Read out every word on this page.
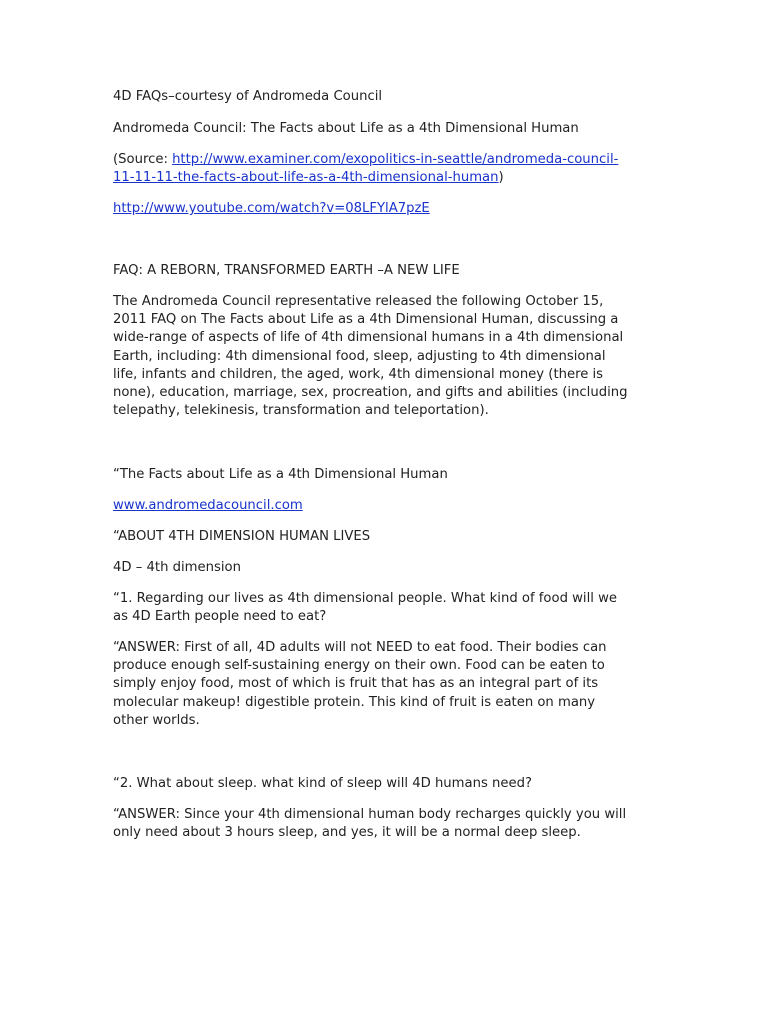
4D FAQs–courtesy of Andromeda Council

Andromeda Council: The Facts about Life as a 4th Dimensional Human

(Source: http://www.examiner.com/exopolitics-in-seattle/andromeda-council-
11-11-11-the-facts-about-life-as-a-4th-dimensional-human)

http://www.youtube.com/watch?v=08LFYlA7pzE

FAQ: A REBORN, TRANSFORMED EARTH –A NEW LIFE

The Andromeda Council representative released the following October 15,
2011 FAQ on The Facts about Life as a 4th Dimensional Human, discussing a
wide-range of aspects of life of 4th dimensional humans in a 4th dimensional
Earth, including: 4th dimensional food, sleep, adjusting to 4th dimensional
life, infants and children, the aged, work, 4th dimensional money (there is
none), education, marriage, sex, procreation, and gifts and abilities (including
telepathy, telekinesis, transformation and teleportation).

“The Facts about Life as a 4th Dimensional Human

www.andromedacouncil.com

“ABOUT 4TH DIMENSION HUMAN LIVES

4D – 4th dimension

“1. Regarding our lives as 4th dimensional people. What kind of food will we
as 4D Earth people need to eat?

“ANSWER: First of all, 4D adults will not NEED to eat food. Their bodies can
produce enough self-sustaining energy on their own. Food can be eaten to
simply enjoy food, most of which is fruit that has as an integral part of its
molecular makeup! digestible protein. This kind of fruit is eaten on many
other worlds.

“2. What about sleep. what kind of sleep will 4D humans need?

“ANSWER: Since your 4th dimensional human body recharges quickly you will
only need about 3 hours sleep, and yes, it will be a normal deep sleep.
